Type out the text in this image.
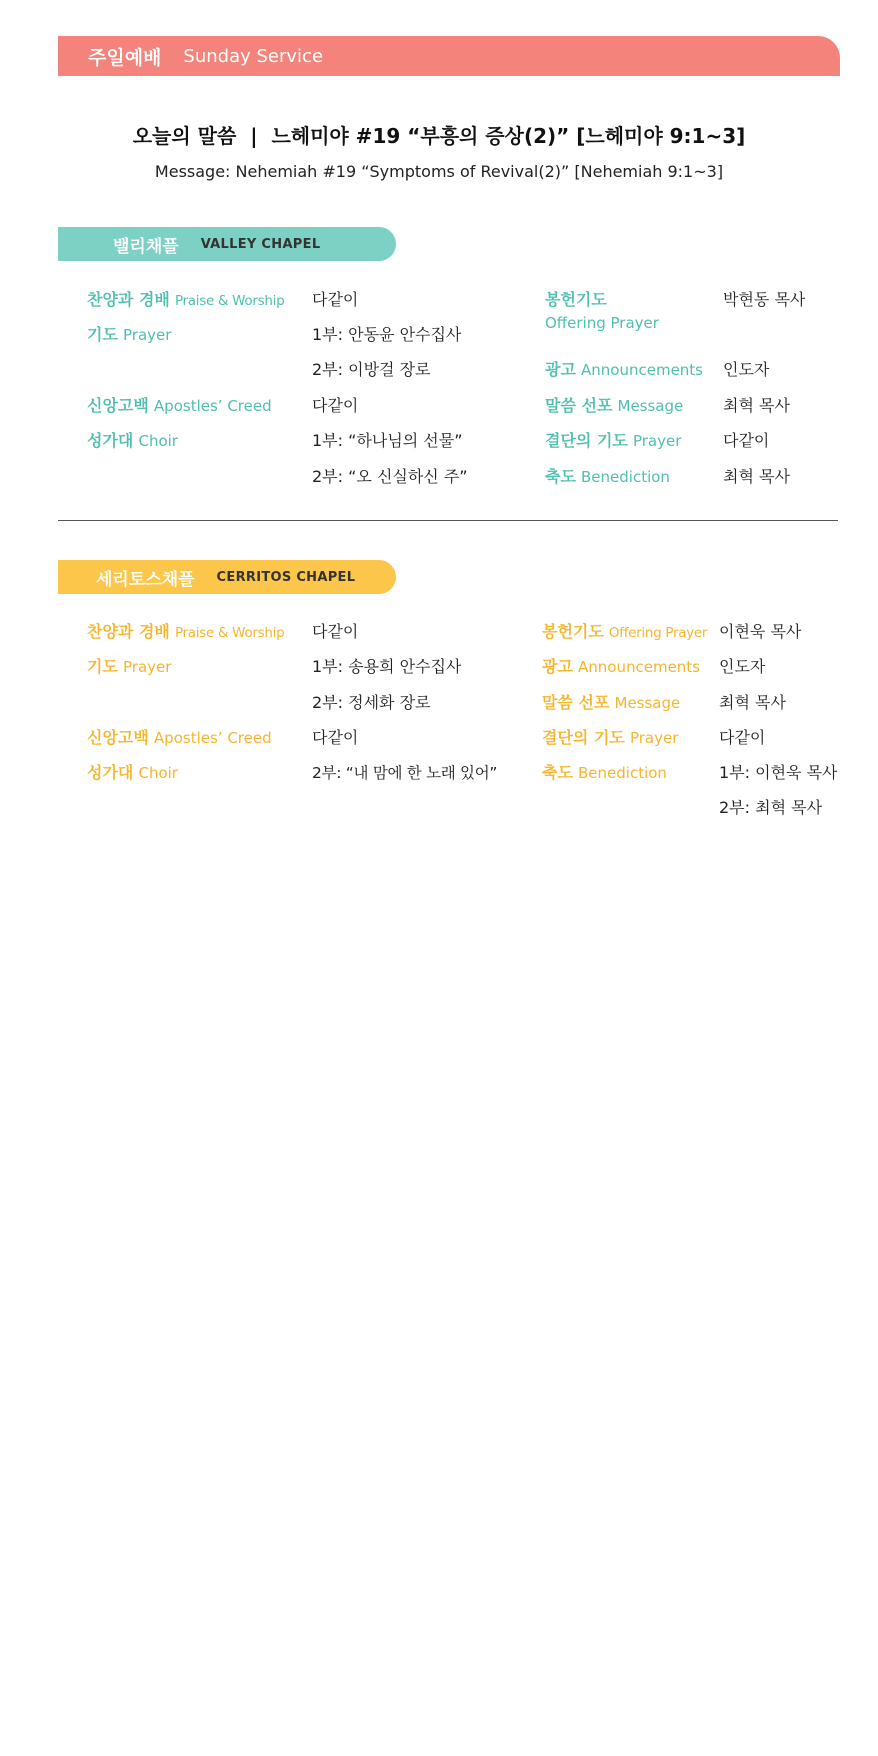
주일예배 Sunday Service
오늘의 말씀  |  느헤미야 #19 “부흥의 증상(2)” [느헤미야 9:1~3]
Message: Nehemiah #19 “Symptoms of Revival(2)” [Nehemiah 9:1~3]
밸리채플 VALLEY CHAPEL
찬양과 경배 Praise & Worship 다같이
기도 Prayer	1부: 안동윤 안수집사
2부: 이방걸 장로
신앙고백 Apostles’ Creed	다같이
성가대 Choir	1부: “하나님의 선물”
2부: “오 신실하신 주”
봉헌기도
Offering Prayer
박현동 목사
광고 Announcements 인도자
말씀 선포 Message 최혁 목사
결단의 기도 Prayer	다같이
축도 Benediction	최혁 목사
세리토스채플 CERRITOS CHAPEL
찬양과 경배 Praise & Worship 다같이
기도 Prayer	1부: 송용희 안수집사
2부: 정세화 장로
신앙고백 Apostles’ Creed	다같이
성가대 Choir	2부: “내 맘에 한 노래 있어”
봉헌기도 Offering Prayer 이현욱 목사
광고 Announcements 인도자
말씀 선포 Message 최혁 목사
결단의 기도 Prayer	다같이
축도 Benediction	1부: 이현욱 목사
2부: 최혁 목사
